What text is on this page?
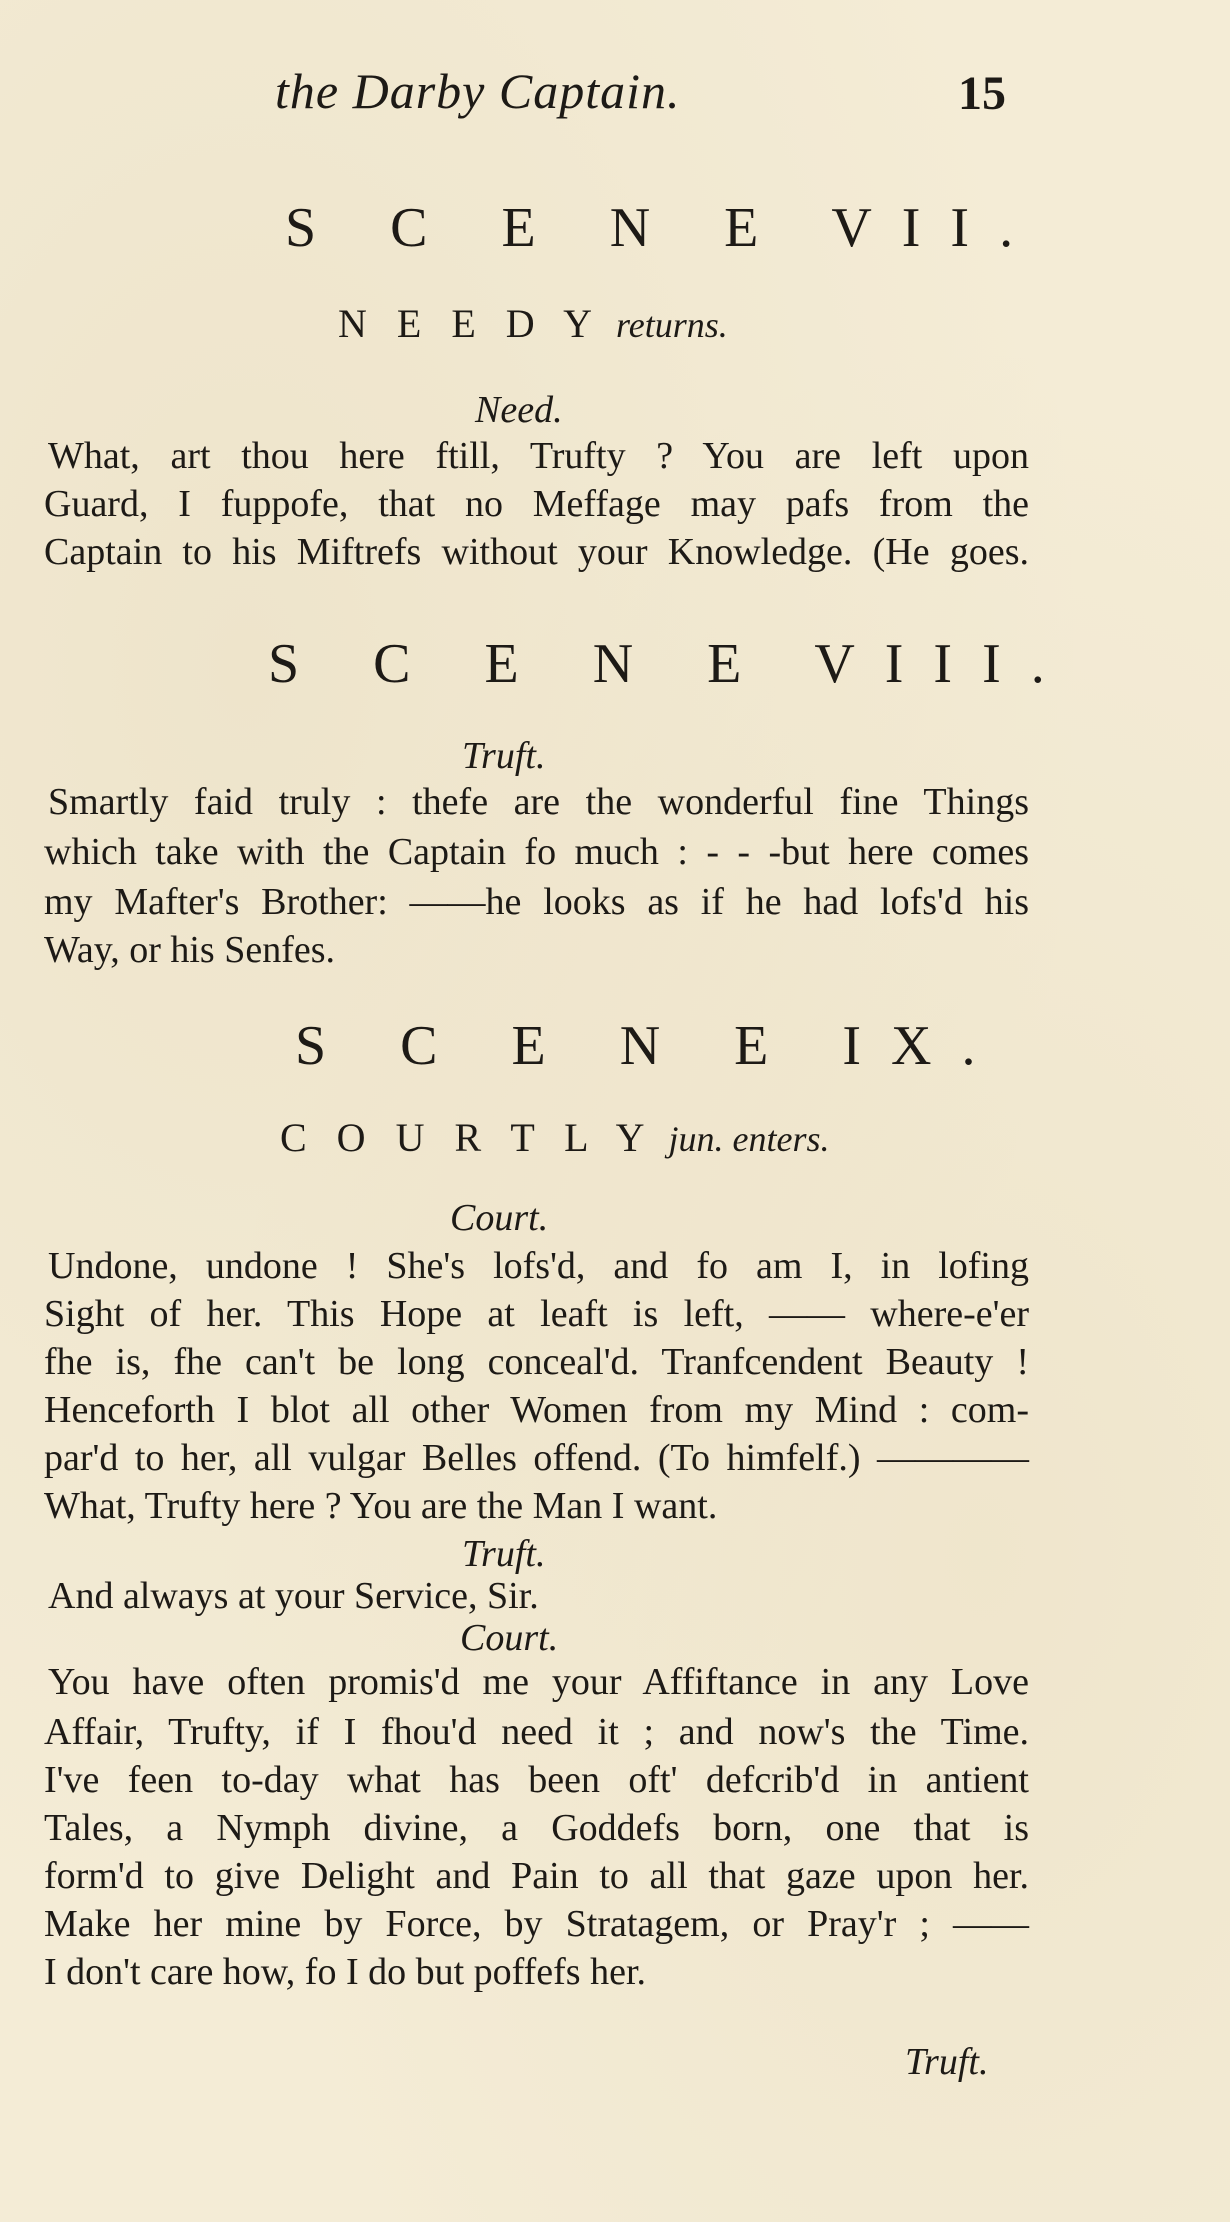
the Darby Captain.	15
S C E N E VII.
N E E D Y returns.
Need.
What, art thou here ftill, Trufty ? You are left upon
Guard, I fuppofe, that no Meffage may pafs from the
Captain to his Miftrefs without your Knowledge. (He goes.
S C E N E VIII.
Truft.
Smartly faid truly : thefe are the wonderful fine Things
which take with the Captain fo much : - - -but here comes
my Mafter's Brother: ——he looks as if he had lofs'd his
Way, or his Senfes.
S C E N E IX.
C O U R T L Y jun. enters.
Court.
Undone, undone ! She's lofs'd, and fo am I, in lofing
Sight of her. This Hope at leaft is left, —— where-e'er
fhe is, fhe can't be long conceal'd. Tranfcendent Beauty !
Henceforth I blot all other Women from my Mind : com-
par'd to her, all vulgar Belles offend. (To himfelf.) ————
What, Trufty here ? You are the Man I want.
Truft.
And always at your Service, Sir.
Court.
You have often promis'd me your Affiftance in any Love
Affair, Trufty, if I fhou'd need it ; and now's the Time.
I've feen to-day what has been oft' defcrib'd in antient
Tales, a Nymph divine, a Goddefs born, one that is
form'd to give Delight and Pain to all that gaze upon her.
Make her mine by Force, by Stratagem, or Pray'r ; ——
I don't care how, fo I do but poffefs her.
Truft.
